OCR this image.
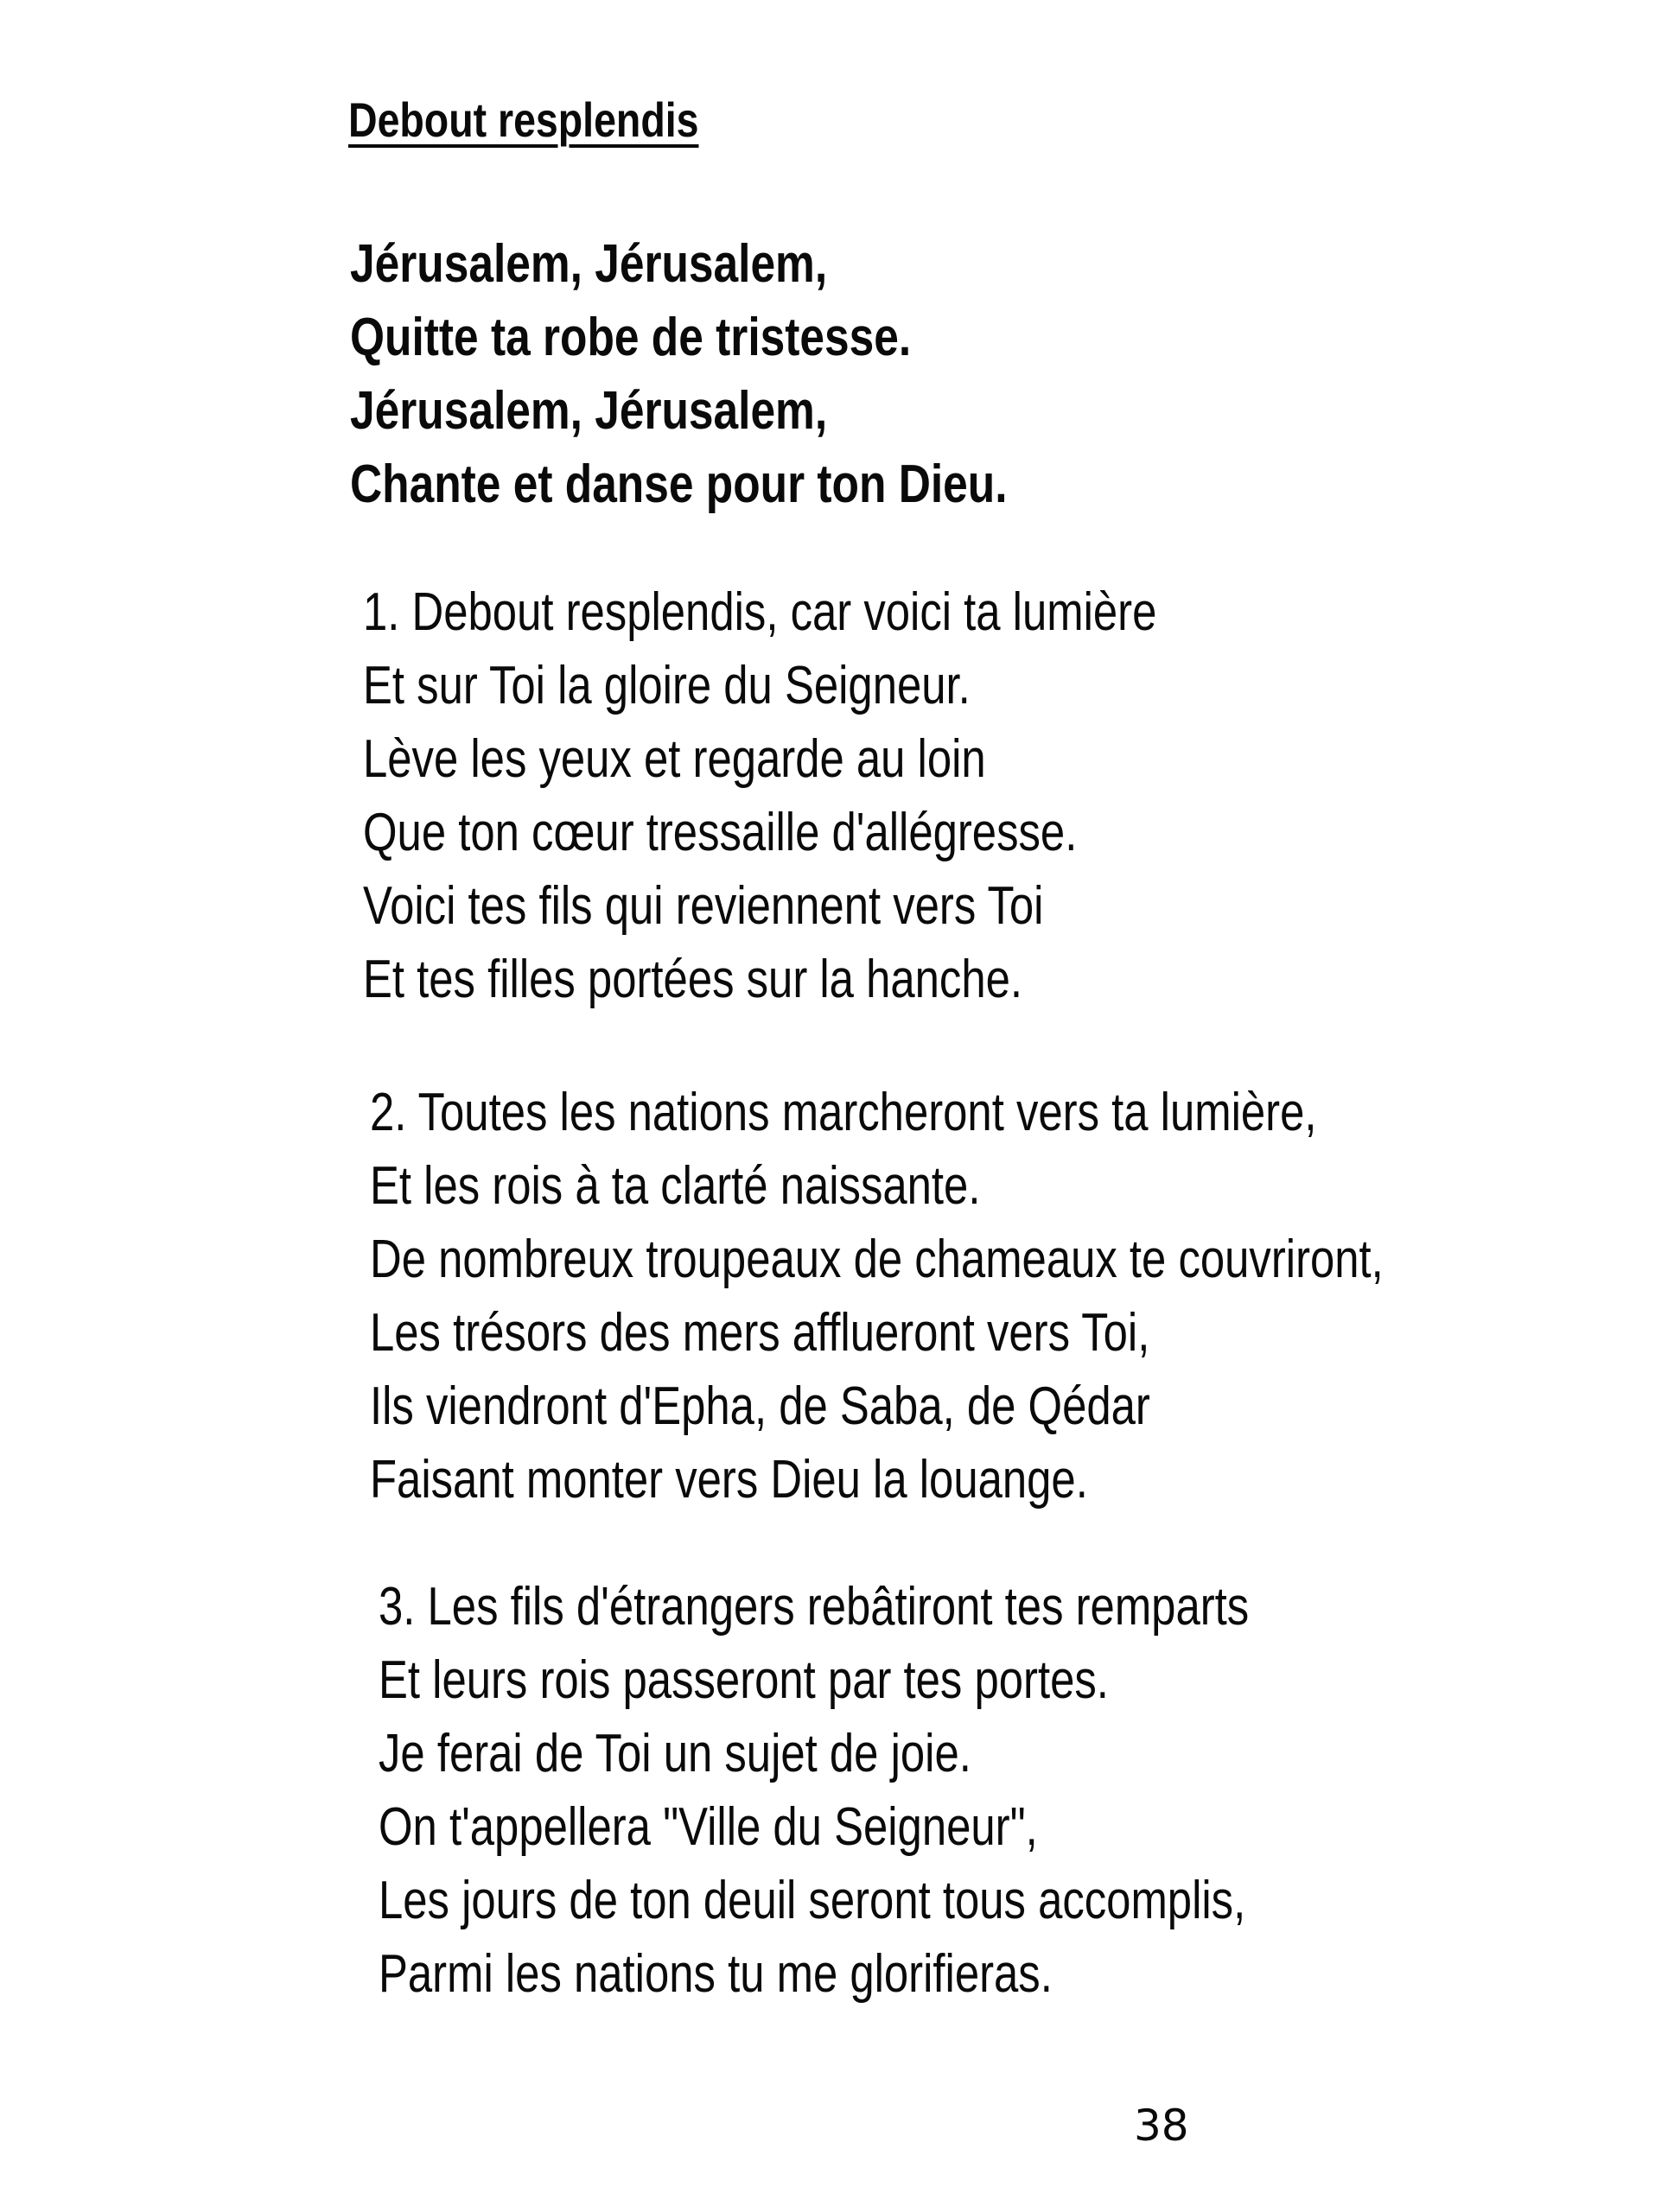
Debout resplendis
Jérusalem, Jérusalem,
Quitte ta robe de tristesse.
Jérusalem, Jérusalem,
Chante et danse pour ton Dieu.
1. Debout resplendis, car voici ta lumière
Et sur Toi la gloire du Seigneur.
Lève les yeux et regarde au loin
Que ton cœur tressaille d'allégresse.
Voici tes fils qui reviennent vers Toi
Et tes filles portées sur la hanche.
2. Toutes les nations marcheront vers ta lumière,
Et les rois à ta clarté naissante.
De nombreux troupeaux de chameaux te couvriront,
Les trésors des mers afflueront vers Toi,
Ils viendront d'Epha, de Saba, de Qédar
Faisant monter vers Dieu la louange.
3. Les fils d'étrangers rebâtiront tes remparts
Et leurs rois passeront par tes portes.
Je ferai de Toi un sujet de joie.
On t'appellera "Ville du Seigneur",
Les jours de ton deuil seront tous accomplis,
Parmi les nations tu me glorifieras.
38
